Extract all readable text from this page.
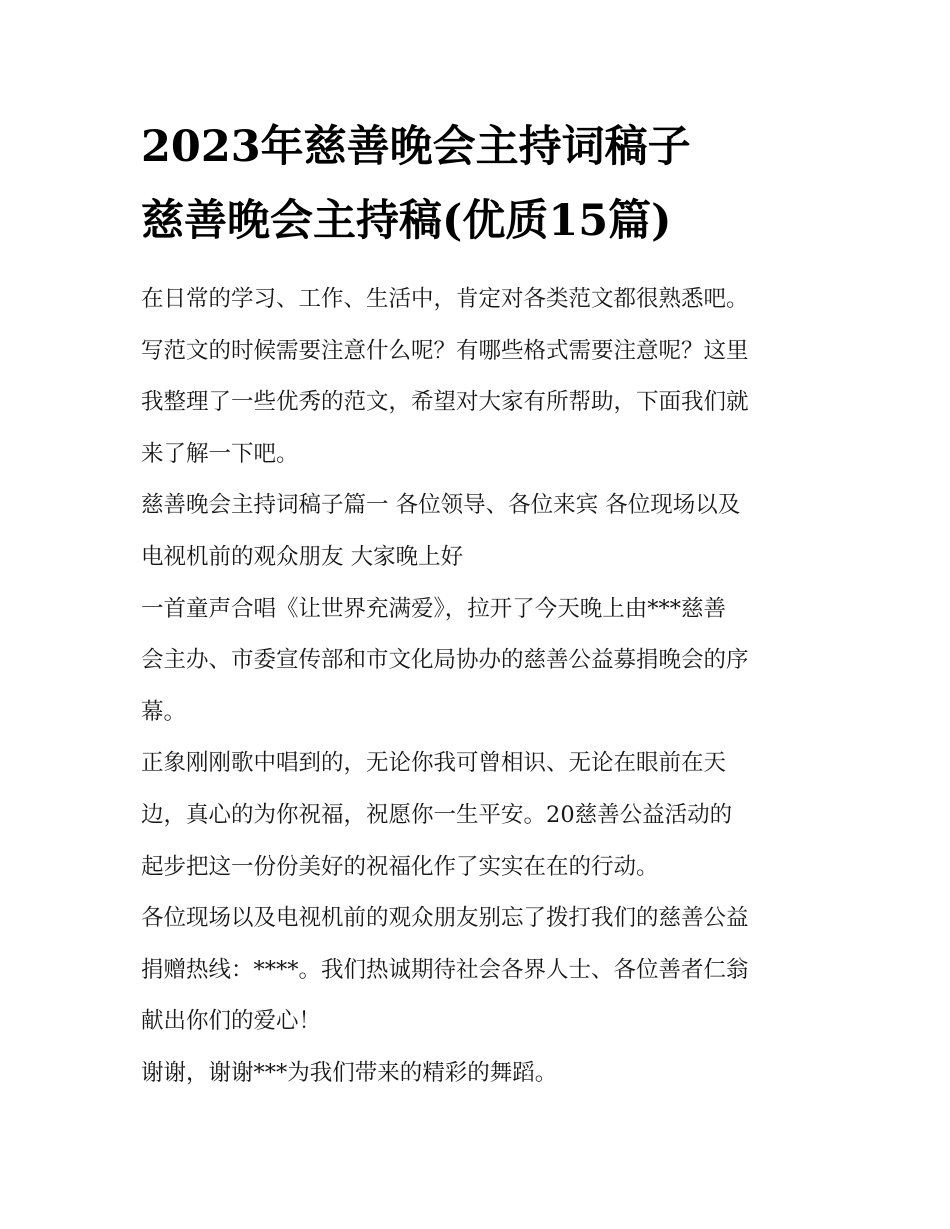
2023年慈善晚会主持词稿子
慈善晚会主持稿(优质15篇)

在日常的学习、工作、生活中，肯定对各类范文都很熟悉吧。
写范文的时候需要注意什么呢？有哪些格式需要注意呢？这里
我整理了一些优秀的范文，希望对大家有所帮助，下面我们就
来了解一下吧。

慈善晚会主持词稿子篇一 各位领导、各位来宾 各位现场以及
电视机前的观众朋友 大家晚上好

一首童声合唱《让世界充满爱》，拉开了今天晚上由***慈善
会主办、市委宣传部和市文化局协办的慈善公益募捐晚会的序
幕。

正象刚刚歌中唱到的，无论你我可曾相识、无论在眼前在天
边，真心的为你祝福，祝愿你一生平安。20慈善公益活动的
起步把这一份份美好的祝福化作了实实在在的行动。

各位现场以及电视机前的观众朋友别忘了拨打我们的慈善公益
捐赠热线：****。我们热诚期待社会各界人士、各位善者仁翁
献出你们的爱心！

谢谢，谢谢***为我们带来的精彩的舞蹈。
